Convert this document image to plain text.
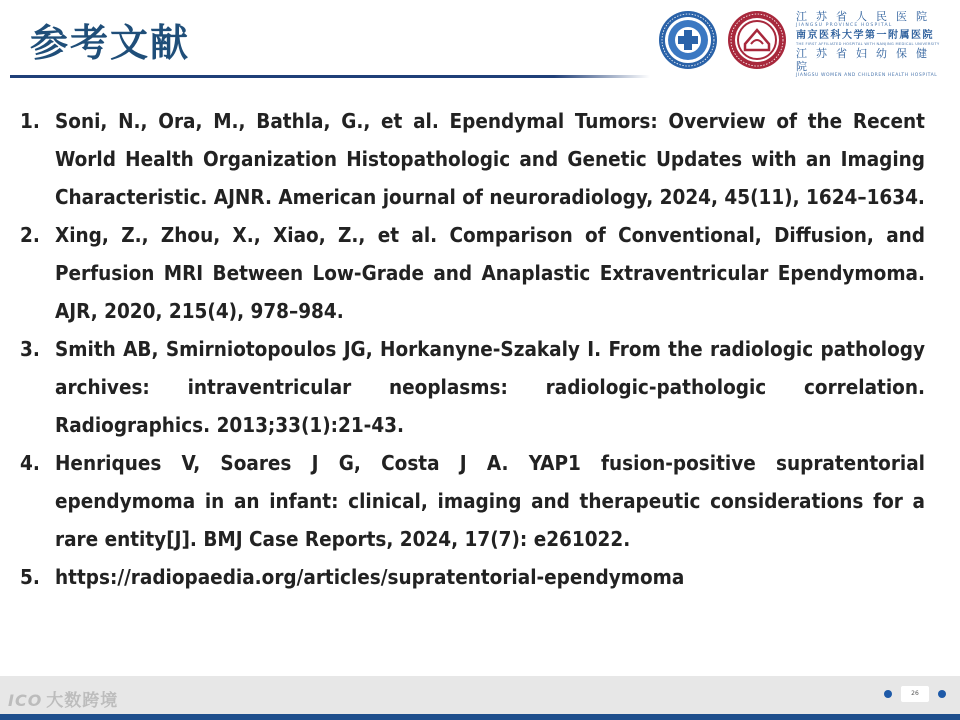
参考文献
江苏省人民医院
JIANGSU PROVINCE HOSPITAL
南京医科大学第一附属医院
THE FIRST AFFILIATED HOSPITAL WITH NANJING MEDICAL UNIVERSITY
江苏省妇幼保健院
JIANGSU WOMEN AND CHILDREN HEALTH HOSPITAL
1. Soni, N., Ora, M., Bathla, G., et al. Ependymal Tumors: Overview of the Recent World Health Organization Histopathologic and Genetic Updates with an Imaging Characteristic. AJNR. American journal of neuroradiology, 2024, 45(11), 1624–1634.
2. Xing, Z., Zhou, X., Xiao, Z., et al. Comparison of Conventional, Diffusion, and Perfusion MRI Between Low-Grade and Anaplastic Extraventricular Ependymoma. AJR, 2020, 215(4), 978–984.
3. Smith AB, Smirniotopoulos JG, Horkanyne-Szakaly I. From the radiologic pathology archives: intraventricular neoplasms: radiologic-pathologic correlation. Radiographics. 2013;33(1):21-43.
4. Henriques V, Soares J G, Costa J A. YAP1 fusion-positive supratentorial ependymoma in an infant: clinical, imaging and therapeutic considerations for a rare entity[J]. BMJ Case Reports, 2024, 17(7): e261022.
5. https://radiopaedia.org/articles/supratentorial-ependymoma
ICO 大数跨境	26
